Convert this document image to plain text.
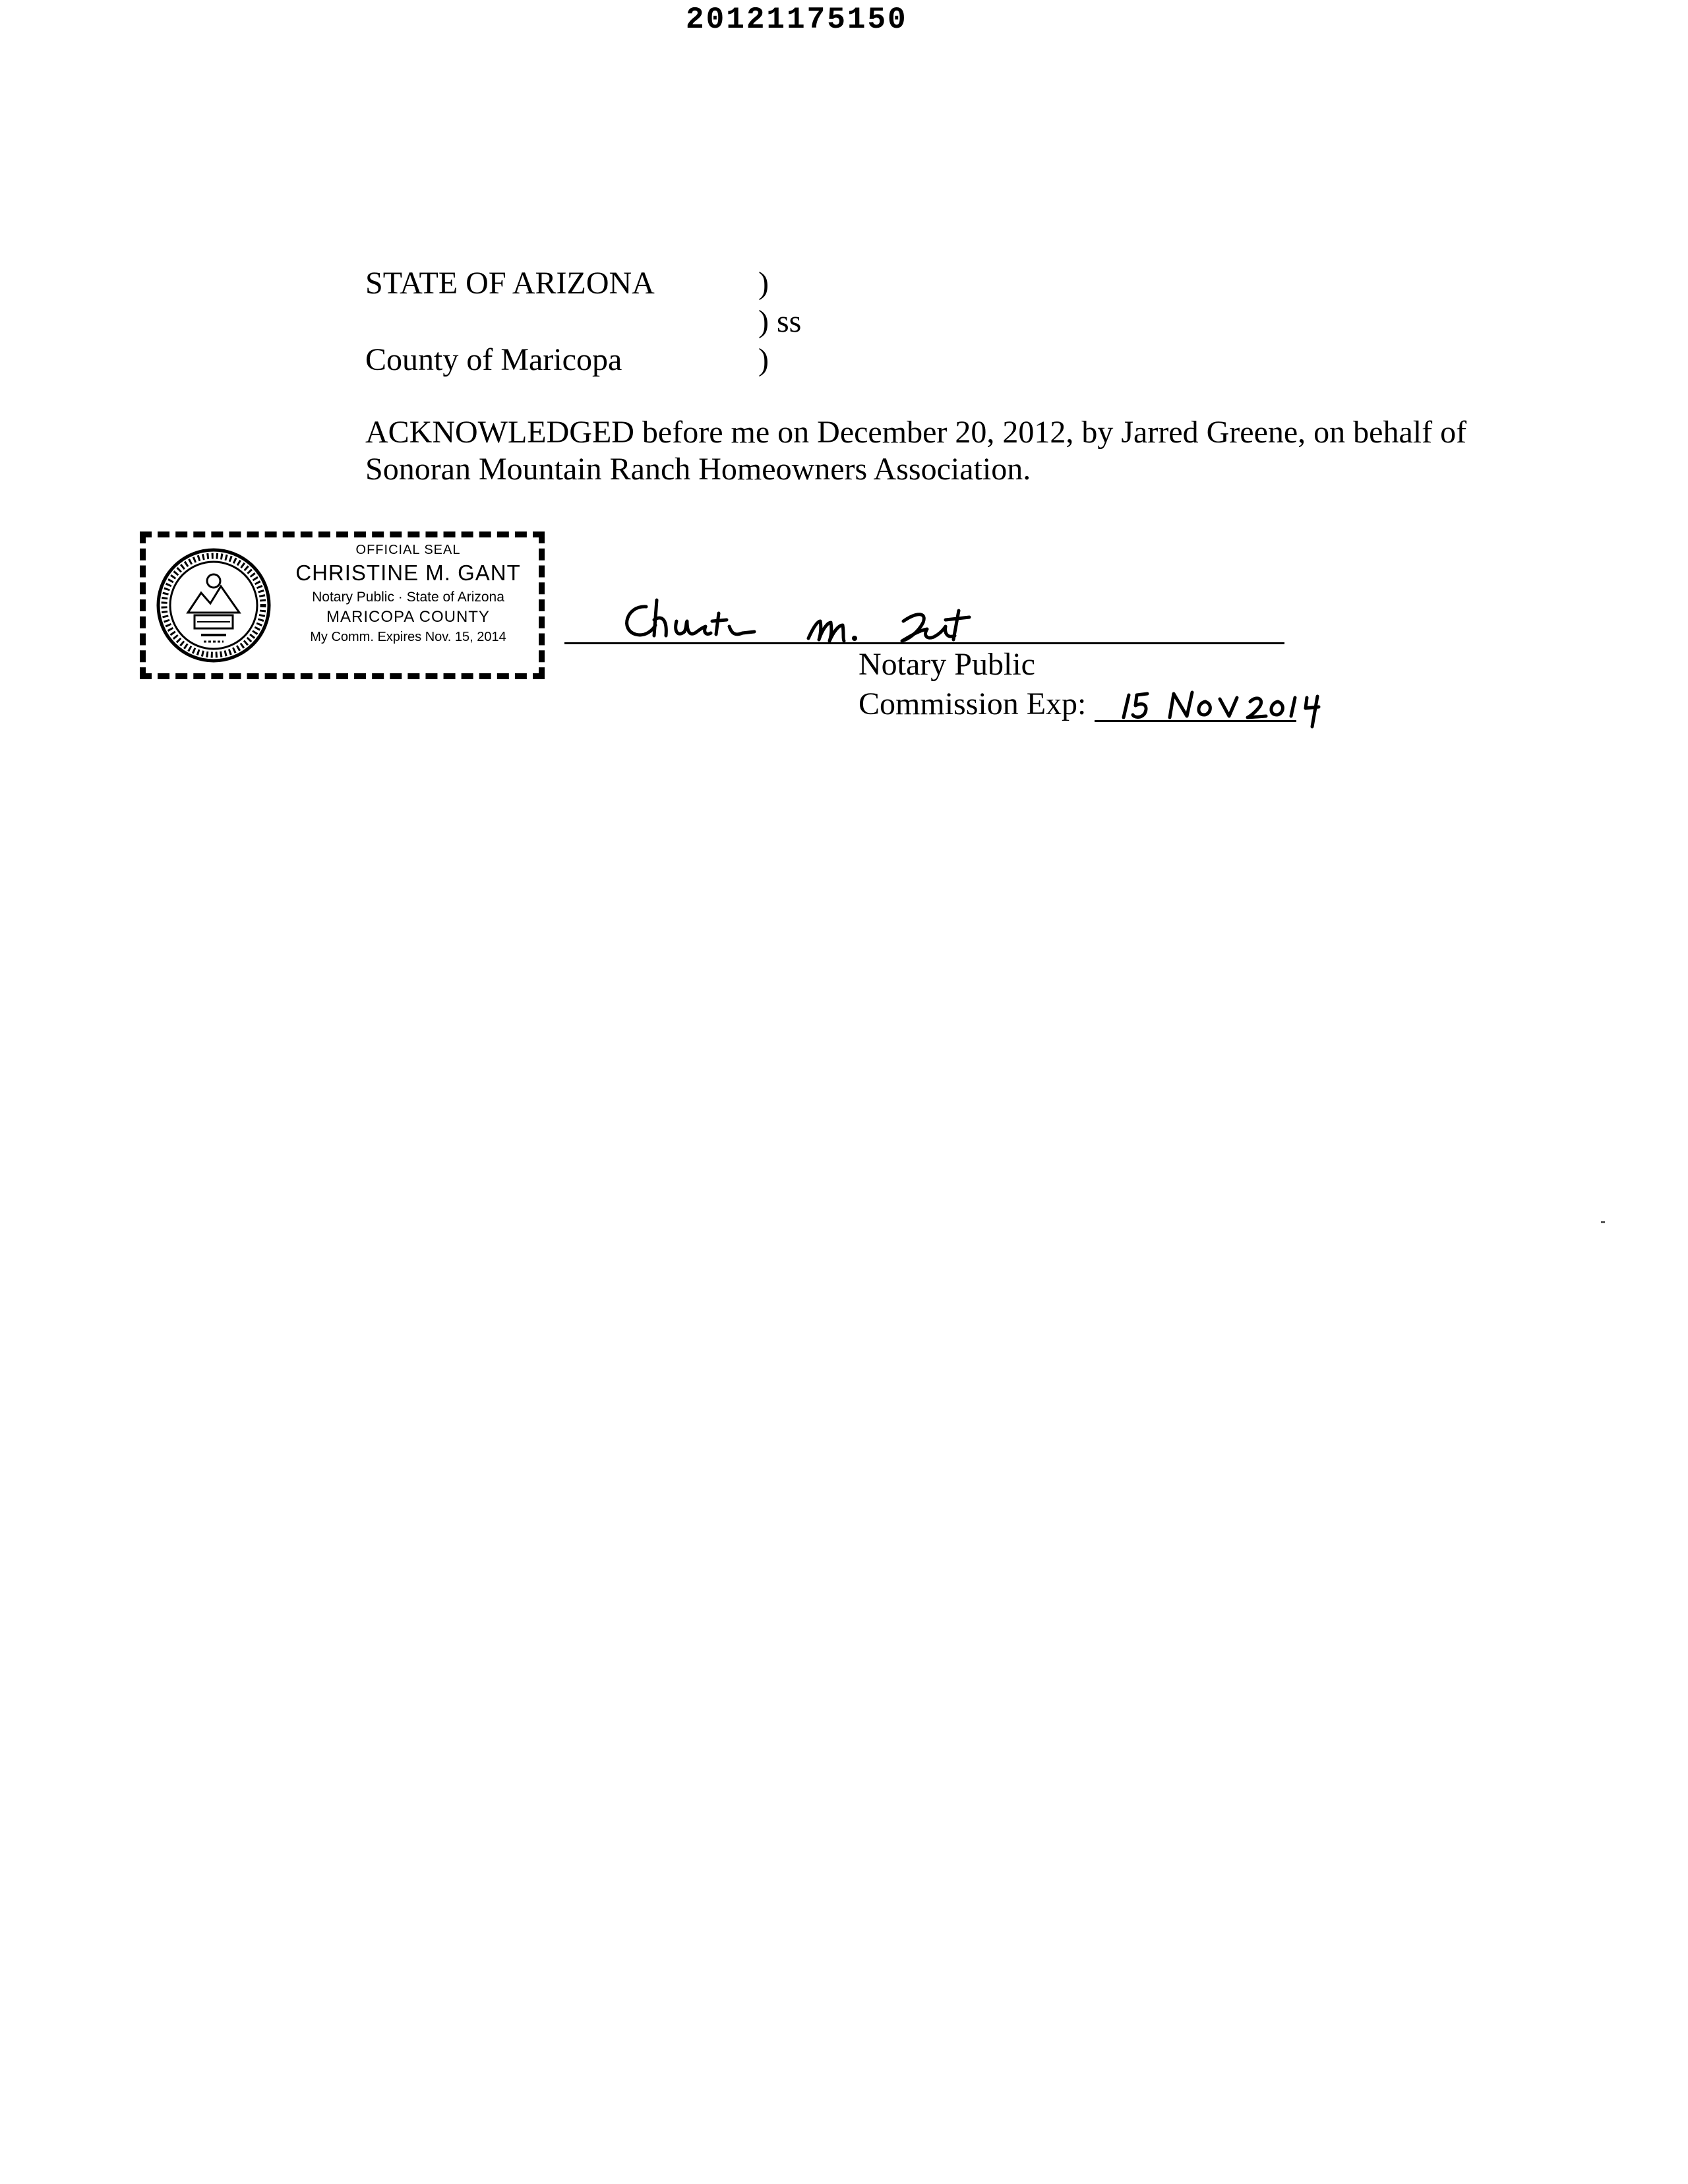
20121175150
STATE OF ARIZONA	)
) ss
County of Maricopa	)

ACKNOWLEDGED before me on December 20, 2012, by Jarred Greene, on behalf of

Sonoran Mountain Ranch Homeowners Association.

OFFICIAL SEAL
CHRISTINE M. GANT
Notary Public · State of Arizona
MARICOPA COUNTY
My Comm. Expires Nov. 15, 2014
Notary Public
Commission Exp:
